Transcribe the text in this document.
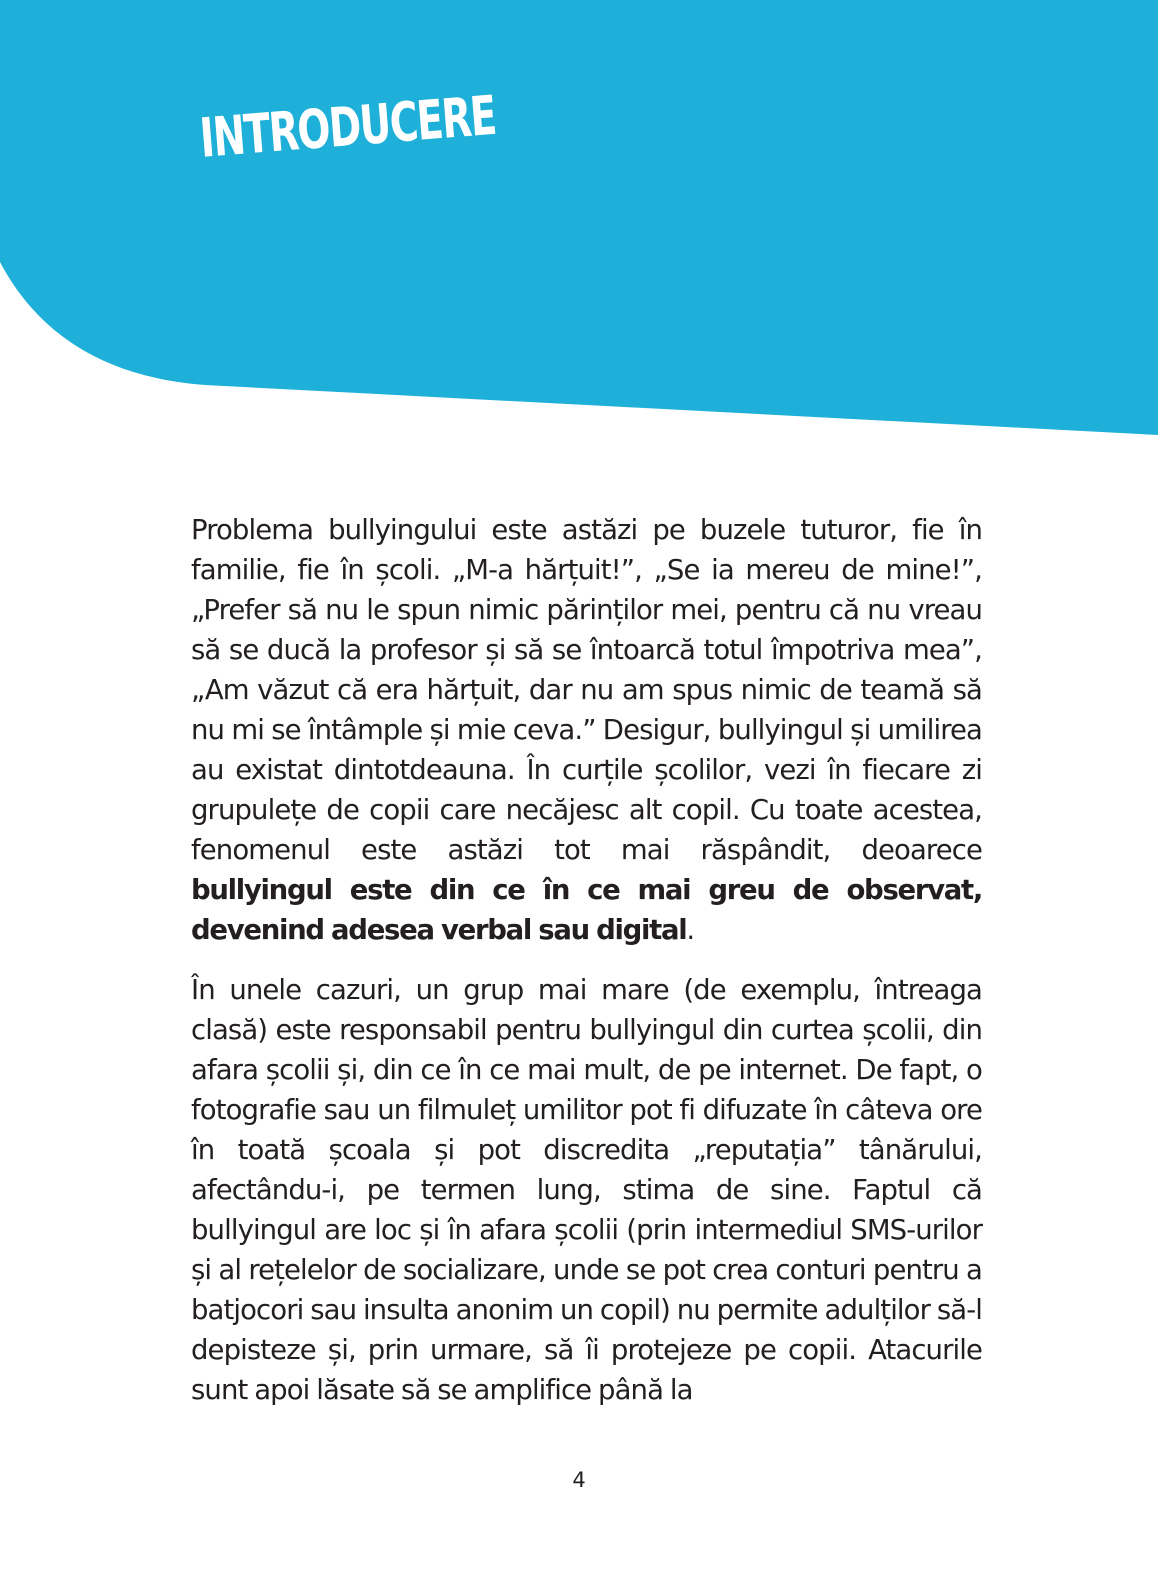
INTRODUCERE

Problema bullyingului este astăzi pe buzele tuturor, fie în familie, fie în școli. „M-a hărțuit!”, „Se ia mereu de mine!”, „Prefer să nu le spun nimic părinților mei, pentru că nu vreau să se ducă la profesor și să se întoarcă totul împotriva mea”, „Am văzut că era hărțuit, dar nu am spus nimic de teamă să nu mi se întâmple și mie ceva.” Desigur, bullyingul și umilirea au existat dintotdeauna. În curțile școlilor, vezi în fiecare zi grupulețe de copii care necăjesc alt copil. Cu toate acestea, fenomenul este astăzi tot mai răspândit, deoarece bullyingul este din ce în ce mai greu de observat, devenind adesea verbal sau digital.

În unele cazuri, un grup mai mare (de exemplu, întreaga clasă) este responsabil pentru bullyingul din curtea școlii, din afara școlii și, din ce în ce mai mult, de pe internet. De fapt, o fotografie sau un filmuleț umilitor pot fi difuzate în câteva ore în toată școala și pot discredita „reputația” tânărului, afectându-i, pe termen lung, stima de sine. Faptul că bullyingul are loc și în afara școlii (prin intermediul SMS-urilor și al rețelelor de socializare, unde se pot crea conturi pentru a batjocori sau insulta anonim un copil) nu permite adulților să-l depisteze și, prin urmare, să îi protejeze pe copii. Atacurile sunt apoi lăsate să se amplifice până la

4
